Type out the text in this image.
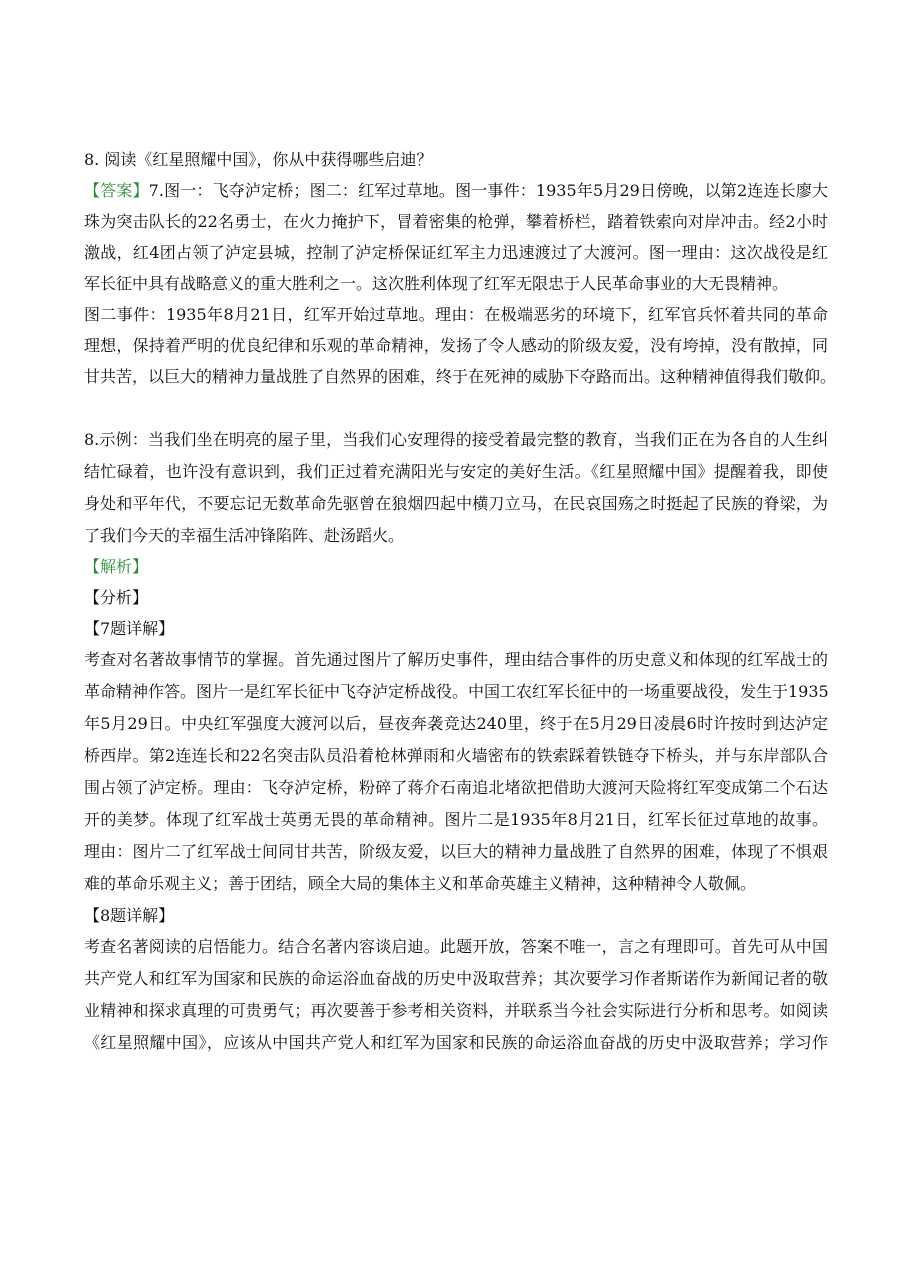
8. 阅读《红星照耀中国》，你从中获得哪些启迪？
【答案】7.图一：飞夺泸定桥；图二：红军过草地。图一事件：1935年5月29日傍晚，以第2连连长廖大
珠为突击队长的22名勇士，在火力掩护下，冒着密集的枪弹，攀着桥栏，踏着铁索向对岸冲击。经2小时
激战，红4团占领了泸定县城，控制了泸定桥保证红军主力迅速渡过了大渡河。图一理由：这次战役是红
军长征中具有战略意义的重大胜利之一。这次胜利体现了红军无限忠于人民革命事业的大无畏精神。
图二事件：1935年8月21日，红军开始过草地。理由：在极端恶劣的环境下，红军官兵怀着共同的革命
理想，保持着严明的优良纪律和乐观的革命精神，发扬了令人感动的阶级友爱，没有垮掉，没有散掉，同
甘共苦，以巨大的精神力量战胜了自然界的困难，终于在死神的威胁下夺路而出。这种精神值得我们敬仰。
8.示例：当我们坐在明亮的屋子里，当我们心安理得的接受着最完整的教育，当我们正在为各自的人生纠
结忙碌着，也许没有意识到，我们正过着充满阳光与安定的美好生活。《红星照耀中国》提醒着我，即使
身处和平年代，不要忘记无数革命先驱曾在狼烟四起中横刀立马，在民哀国殇之时挺起了民族的脊梁，为
了我们今天的幸福生活冲锋陷阵、赴汤蹈火。
【解析】
【分析】
【7题详解】
考查对名著故事情节的掌握。首先通过图片了解历史事件，理由结合事件的历史意义和体现的红军战士的
革命精神作答。图片一是红军长征中飞夺泸定桥战役。中国工农红军长征中的一场重要战役，发生于1935
年5月29日。中央红军强度大渡河以后，昼夜奔袭竞达240里，终于在5月29日凌晨6时许按时到达泸定
桥西岸。第2连连长和22名突击队员沿着枪林弹雨和火墙密布的铁索踩着铁链夺下桥头，并与东岸部队合
围占领了泸定桥。理由：飞夺泸定桥，粉碎了蒋介石南追北堵欲把借助大渡河天险将红军变成第二个石达
开的美梦。体现了红军战士英勇无畏的革命精神。图片二是1935年8月21日，红军长征过草地的故事。
理由：图片二了红军战士间同甘共苦，阶级友爱，以巨大的精神力量战胜了自然界的困难，体现了不惧艰
难的革命乐观主义；善于团结，顾全大局的集体主义和革命英雄主义精神，这种精神令人敬佩。
【8题详解】
考查名著阅读的启悟能力。结合名著内容谈启迪。此题开放，答案不唯一，言之有理即可。首先可从中国
共产党人和红军为国家和民族的命运浴血奋战的历史中汲取营养；其次要学习作者斯诺作为新闻记者的敬
业精神和探求真理的可贵勇气；再次要善于参考相关资料，并联系当今社会实际进行分析和思考。如阅读
《红星照耀中国》，应该从中国共产党人和红军为国家和民族的命运浴血奋战的历史中汲取营养；学习作
